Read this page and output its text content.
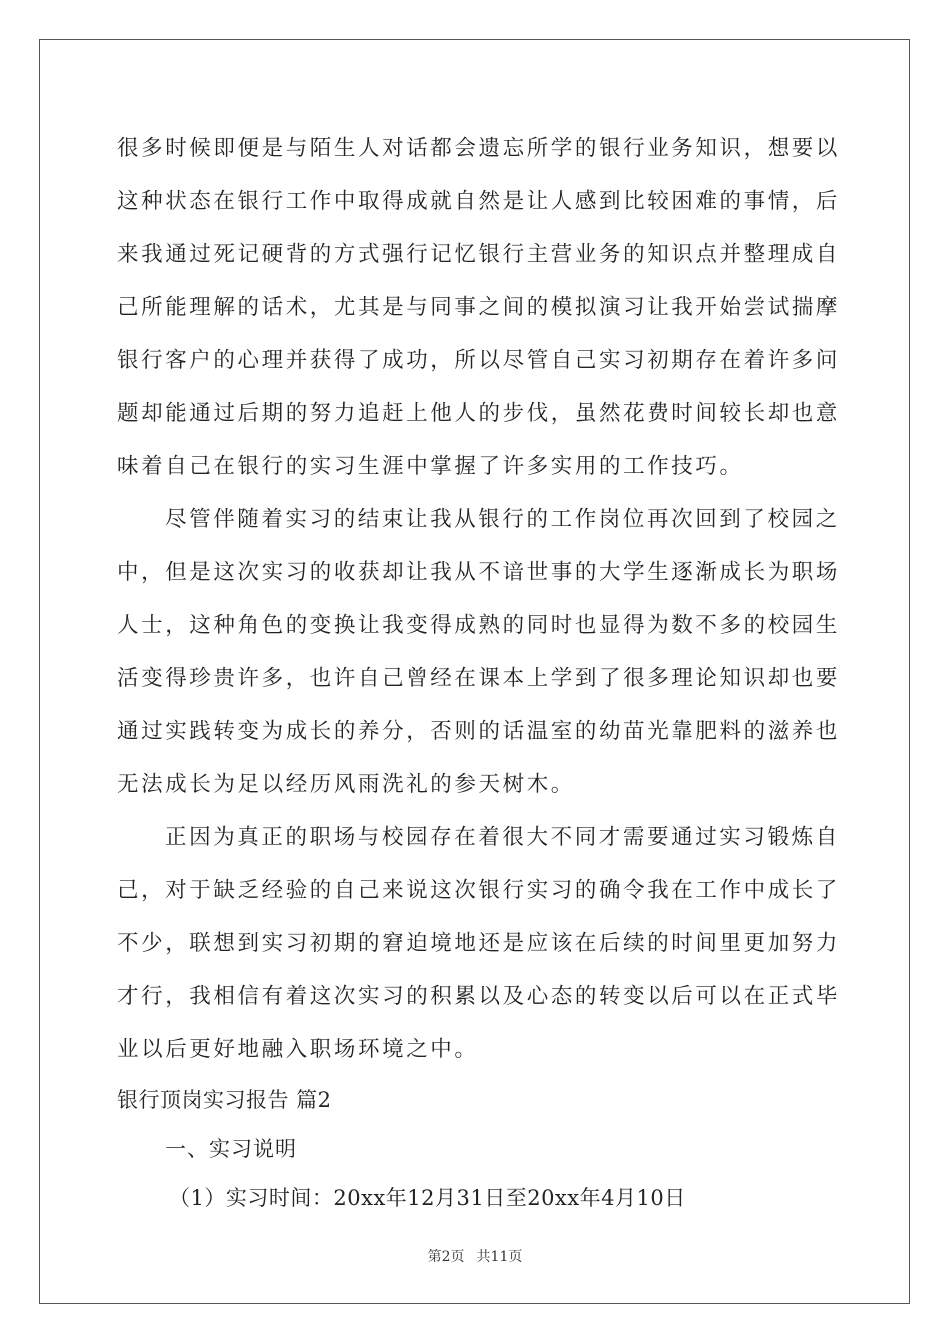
很多时候即便是与陌生人对话都会遗忘所学的银行业务知识，想要以
这种状态在银行工作中取得成就自然是让人感到比较困难的事情，后
来我通过死记硬背的方式强行记忆银行主营业务的知识点并整理成自
己所能理解的话术，尤其是与同事之间的模拟演习让我开始尝试揣摩
银行客户的心理并获得了成功，所以尽管自己实习初期存在着许多问
题却能通过后期的努力追赶上他人的步伐，虽然花费时间较长却也意
味着自己在银行的实习生涯中掌握了许多实用的工作技巧。
尽管伴随着实习的结束让我从银行的工作岗位再次回到了校园之
中，但是这次实习的收获却让我从不谙世事的大学生逐渐成长为职场
人士，这种角色的变换让我变得成熟的同时也显得为数不多的校园生
活变得珍贵许多，也许自己曾经在课本上学到了很多理论知识却也要
通过实践转变为成长的养分，否则的话温室的幼苗光靠肥料的滋养也
无法成长为足以经历风雨洗礼的参天树木。
正因为真正的职场与校园存在着很大不同才需要通过实习锻炼自
己，对于缺乏经验的自己来说这次银行实习的确令我在工作中成长了
不少，联想到实习初期的窘迫境地还是应该在后续的时间里更加努力
才行，我相信有着这次实习的积累以及心态的转变以后可以在正式毕
业以后更好地融入职场环境之中。
银行顶岗实习报告 篇2
一、实习说明
（1）实习时间：20xx年12月31日至20xx年4月10日
第2页 共11页
